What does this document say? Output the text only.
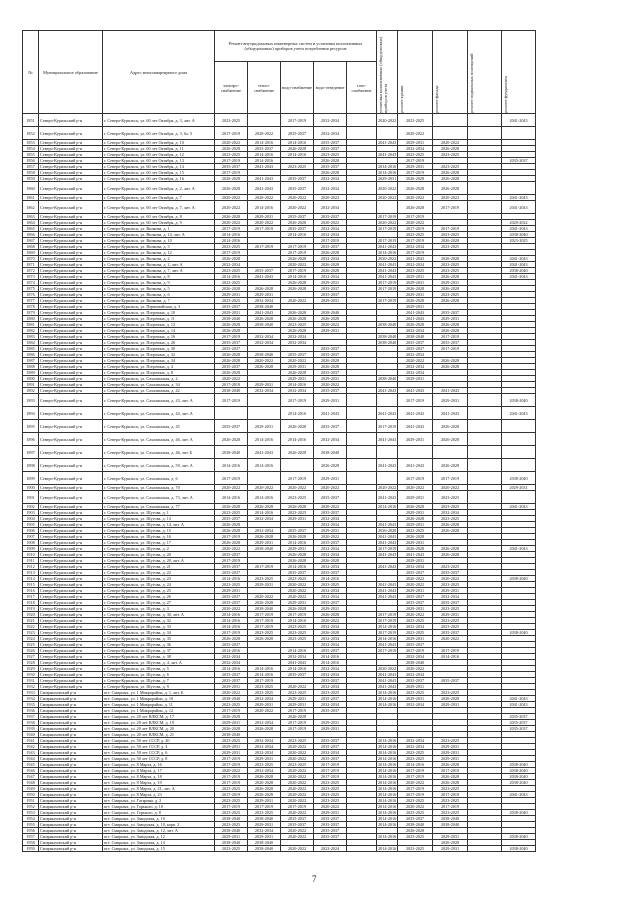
№	Муниципальное образование	Адрес многоквартирного дома	Ремонт внутридомовых инженерных систем и установка коллективных (общедомовых) приборов учета потребления ресурсов					установка коллективных (общедомовых) приборов учета	ремонт крыши	ремонт фасада	ремонт подвальных помещений	ремонт фундамента

			электро-снабжение	тепло-снабжение	водо-снабжение	водо-отведение	газо-снабжение					
1851	Северо-Курильский р-н	г. Северо-Курильск, ул. 60 лет Октября, д. 3, лит. А	2023-2025		2017-2019	2032-2034		2020-2022	2023-2025			2041-2043
1852	Северо-Курильский р-н	г. Северо-Курильск, ул. 60 лет Октября, д. 3, бл. 5	2017-2019	2020-2022	2035-2037	2032-2034			2020-2022			
1853	Северо-Курильский р-н	г. Северо-Курильск, ул. 60 лет Октября, д. 10	2020-2022	2014-2016	2014-2016	2035-2037		2041-2043	2029-2031	2020-2022		
1854	Северо-Курильский р-н	г. Северо-Курильск, ул. 60 лет Октября, д. 11	2026-2028	2035-2037	2026-2028	2035-2037			2032-2034	2026-2028		
1855	Северо-Курильский р-н	г. Северо-Курильск, ул. 60 лет Октября, д. 12	2023-2025	2014-2016	2014-2016	2023-2025		2041-2043	2023-2025	2023-2025		
1856	Северо-Курильский р-н	г. Северо-Курильск, ул. 60 лет Октября, д. 13	2017-2019	2014-2016		2026-2028			2017-2019			2035-2037
1857	Северо-Курильский р-н	г. Северо-Курильск, ул. 60 лет Октября, д. 14	2035-2037	2041-2043	2023-2025	2035-2037		2014-2016	2029-2031	2023-2025		
1858	Северо-Курильский р-н	г. Северо-Курильск, ул. 60 лет Октября, д. 15	2017-2019			2026-2028		2014-2016	2017-2019	2026-2028		
1859	Северо-Курильский р-н	г. Северо-Курильск, ул. 60 лет Октября, д. 16	2026-2028	2041-2043	2035-2037	2032-2034		2029-2031	2026-2028	2026-2028		
1860	Северо-Курильский р-н	г. Северо-Курильск, ул. 60 лет Октября, д. 2, лит. А	2026-2028	2041-2043	2035-2037	2032-2034		2020-2022	2026-2028	2026-2028		
1861	Северо-Курильский р-н	г. Северо-Курильск, ул. 60 лет Октября, д. 7	2020-2022	2020-2022	2020-2022	2020-2022		2020-2022	2020-2022	2020-2022		2041-2043
1862	Северо-Курильский р-н	г. Северо-Курильск, ул. 60 лет Октября, д. 7, лит. А	2020-2022	2014-2016	2020-2022	2032-2034			2026-2028	2017-2019		2041-2043
1863	Северо-Курильский р-н	г. Северо-Курильск, ул. 60 лет Октября, д. 8	2026-2028	2029-2031	2035-2037	2035-2037		2017-2019	2017-2019			
1864	Северо-Курильский р-н	г. Северо-Курильск, ул. 60 лет Октября, д. 9	2020-2022	2020-2022	2026-2028	2020-2022		2020-2022	2020-2022			2020-2022
1865	Северо-Курильский р-н	г. Северо-Курильск, ул. Вилкова, д. 1	2017-2019	2017-2019	2035-2037	2032-2034		2017-2019	2017-2019	2017-2019		2041-2043
1866	Северо-Курильский р-н	г. Северо-Курильск, ул. Вилкова, д. 14, лит. А	2014-2016		2014-2016	2032-2034			2023-2025	2023-2025		2038-2040
1867	Северо-Курильский р-н	г. Северо-Курильск, ул. Вилкова, д. 10	2014-2016			2017-2019		2017-2019	2017-2019	2026-2028		2023-2025
1868	Северо-Курильский р-н	г. Северо-Курильск, ул. Вилкова, д. 3	2023-2025	2017-2019	2017-2019	2035-2037		2041-2043	2032-2034	2023-2025		
1869	Северо-Курильский р-н	г. Северо-Курильск, ул. Вилкова, д. 12	2017-2019		2017-2019	2026-2028		2014-2016	2017-2019			
1870	Северо-Курильский р-н	г. Северо-Курильск, ул. Вилкова, д. 2	2026-2028		2026-2028	2032-2034		2020-2022	2041-2043	2026-2028		2041-2043
1871	Северо-Курильский р-н	г. Северо-Курильск, ул. Вилкова, д. 2, лит. А	2032-2034		2020-2022	2026-2028		2041-2043	2032-2034	2023-2025		2041-2043
1872	Северо-Курильский р-н	г. Северо-Курильск, ул. Вилкова, д. 7, лит. А	2023-2025	2035-2037	2017-2019	2026-2028		2041-2043	2023-2025	2023-2025		2038-2040
1873	Северо-Курильский р-н	г. Северо-Курильск, ул. Вилкова, д. 8	2014-2016	2041-2043	2014-2016	2032-2034		2041-2043	2029-2031	2026-2028		2041-2043
1874	Северо-Курильский р-н	г. Северо-Курильск, ул. Вилкова, д. 9	2023-2025		2026-2028	2029-2031		2017-2019	2029-2031	2029-2031		
1875	Северо-Курильский р-н	г. Северо-Курильск, ул. Вилкова, д. 5	2026-2028	2026-2028	2026-2028	2035-2037		2017-2019	2026-2028	2026-2028		
1876	Северо-Курильский р-н	г. Северо-Курильск, ул. Вилкова, д. 6	2029-2031	2029-2031		2035-2037			2029-2031	2023-2025		
1877	Северо-Курильский р-н	г. Северо-Курильск, ул. Вилкова, д. 7	2023-2025	2032-2034	2020-2022	2029-2031		2017-2019	2026-2028	2026-2028		
1878	Северо-Курильский р-н	г. Северо-Курильск, ул. Первомайская, д. 3	2035-2037	2038-2040					2029-2031			
1879	Северо-Курильский р-н	г. Северо-Курильск, ул. Погрешна, д. 10	2029-2031	2041-2043	2026-2028	2038-2040			2041-2043	2035-2037		
1880	Северо-Курильский р-н	г. Северо-Курильск, ул. Погрешна, д. 11	2038-2040	2026-2028	2026-2028	2026-2028			2041-2043	2029-2031		
1881	Северо-Курильский р-н	г. Северо-Курильск, ул. Погрешна, д. 12	2026-2028	2038-2040	2023-2025	2020-2022		2038-2040	2026-2028	2026-2028		
1882	Северо-Курильский р-н	г. Северо-Курильск, ул. Погрешна, д. 14	2026-2028		2026-2028	2029-2031			2032-2034	2026-2028		
1883	Северо-Курильский р-н	г. Северо-Курильск, ул. Погрешна, д. 16	2017-2019	2032-2034	2032-2034			2038-2040	2038-2040	2017-2019		
1884	Северо-Курильский р-н	г. Северо-Курильск, ул. Погрешна, д. 26	2035-2037	2032-2034	2032-2034			2038-2040	2035-2037	2035-2037		
1885	Северо-Курильский р-н	г. Северо-Курильск, ул. Погрешна, д. 30	2035-2037			2035-2037			2035-2037	2017-2019		
1886	Северо-Курильский р-н	г. Северо-Курильск, ул. Погрешна, д. 32	2026-2028	2038-2040	2035-2037	2035-2037			2032-2034			
1887	Северо-Курильский р-н	г. Северо-Курильск, ул. Погрешна, д. 34	2026-2028	2020-2022	2020-2022	2026-2028			2020-2022	2026-2028		
1888	Северо-Курильский р-н	г. Северо-Курильск, ул. Погрешна, д. 4	2035-2037	2026-2028	2029-2031	2026-2028			2032-2034	2026-2028		
1889	Северо-Курильский р-н	г. Северо-Курильск, ул. Погрешна, д. 8	2026-2028		2026-2028	2035-2037			2032-2034			
1890	Северо-Курильский р-н	г. Северо-Курильск, ул. Сахалинская, д. 2	2020-2022		2029-2031	2029-2031		2038-2040	2029-2031			
1891	Северо-Курильский р-н	г. Северо-Курильск, ул. Сахалинская, д. 34	2017-2019	2029-2031	2014-2016	2020-2022						
1892	Северо-Курильский р-н	г. Северо-Курильск, ул. Сахалинская, д. 42	2038-2040	2032-2034	2032-2034	2035-2037		2041-2043	2041-2043	2041-2043		
1893	Северо-Курильский р-н	г. Северо-Курильск, ул. Сахалинская, д. 43, лит. А	2017-2019		2017-2019	2029-2031			2017-2019	2029-2031		2038-2040
1894	Северо-Курильский р-н	г. Северо-Курильск, ул. Сахалинская, д. 44, лит. А			2014-2016	2041-2043		2041-2043	2041-2043	2041-2043		2041-2043
1895	Северо-Курильский р-н	г. Северо-Курильск, ул. Сахалинская, д. 45	2035-2037	2029-2031	2026-2028	2035-2037		2017-2019	2041-2043	2026-2028		
1896	Северо-Курильский р-н	г. Северо-Курильск, ул. Сахалинская, д. 46, лит. А	2026-2028	2014-2016	2014-2016	2032-2034		2041-2043	2029-2031	2026-2028		
1897	Северо-Курильский р-н	г. Северо-Курильск, ул. Сахалинская, д. 46, лит. Б	2038-2040	2041-2043	2026-2028	2038-2040						
1898	Северо-Курильский р-н	г. Северо-Курильск, ул. Сахалинская, д. 59, лит. А	2014-2016	2014-2016		2026-2028		2041-2043	2041-2043	2026-2028		
1899	Северо-Курильский р-н	г. Северо-Курильск, ул. Сахалинская, д. 6	2017-2019		2017-2019	2029-2031			2017-2019	2017-2019		2038-2040
1900	Северо-Курильский р-н	г. Северо-Курильск, ул. Сахалинская, д. 70	2020-2022	2020-2022	2020-2022	2020-2022		2020-2022	2020-2022	2020-2022		2029-2031
1901	Северо-Курильский р-н	г. Северо-Курильск, ул. Сахалинская, д. 73, лит. А	2014-2016	2014-2016	2023-2025	2035-2037		2041-2043	2029-2031	2023-2025		
1902	Северо-Курильский р-н	г. Северо-Курильск, ул. Сахалинская, д. 77	2026-2028	2026-2028	2026-2028	2020-2022		2014-2016	2026-2028	2023-2025		2041-2043
1903	Северо-Курильский р-н	г. Северо-Курильск, ул. Шутова, д. 1	2023-2025	2014-2016	2023-2025	2035-2037			2029-2031	2032-2034		
1904	Северо-Курильский р-н	г. Северо-Курильск, ул. Шутова, д. 13	2035-2037	2032-2034	2029-2031	2032-2034			2026-2028	2023-2025		
1905	Северо-Курильский р-н	г. Северо-Курильск, ул. Шутова, д. 14, лит. А	2026-2028			2032-2034		2041-2043	2029-2031	2026-2028		
1906	Северо-Курильский р-н	г. Северо-Курильск, ул. Шутова, д. 15	2026-2028	2032-2034	2035-2037	2029-2031		2026-2028	2023-2025	2026-2028		
1907	Северо-Курильский р-н	г. Северо-Курильск, ул. Шутова, д. 16	2017-2019	2026-2028	2026-2028	2020-2022		2041-2043	2026-2028			
1908	Северо-Курильский р-н	г. Северо-Курильск, ул. Шутова, д. 17	2026-2028	2029-2031	2014-2016	2035-2037		2041-2043	2029-2031			
1909	Северо-Курильский р-н	г. Северо-Курильск, ул. Шутова, д. 2	2020-2022	2038-2040	2029-2031	2032-2034		2017-2019	2026-2028	2026-2028		2041-2043
1910	Северо-Курильский р-н	г. Северо-Курильск, ул. Шутова, д. 20	2035-2037		2026-2028	2032-2034		2041-2043	2041-2043	2026-2028		
1911	Северо-Курильский р-н	г. Северо-Курильск, ул. Шутова, д. 20, лит. А	2017-2019		2026-2028	2026-2028			2029-2031			
1912	Северо-Курильский р-н	г. Северо-Курильск, ул. Шутова, д. 21	2035-2037	2017-2019	2014-2016	2032-2034		2041-2043	2032-2034	2023-2025		
1913	Северо-Курильский р-н	г. Северо-Курильск, ул. Шутова, д. 22	2035-2037		2035-2037	2035-2037			2035-2037	2035-2037		
1914	Северо-Курильский р-н	г. Северо-Курильск, ул. Шутова, д. 23	2014-2016	2023-2025	2023-2025	2014-2016			2020-2022	2020-2022		2038-2040
1915	Северо-Курильский р-н	г. Северо-Курильск, ул. Шутова, д. 24	2023-2025	2029-2031	2020-2022	2023-2025		2041-2043	2020-2022	2023-2025		
1916	Северо-Курильский р-н	г. Северо-Курильск, ул. Шутова, д. 25	2029-2031		2020-2022	2032-2034		2041-2043	2029-2031	2029-2031		
1917	Северо-Курильский р-н	г. Северо-Курильск, ул. Шутова, д. 26	2035-2037	2020-2022	2020-2022	2032-2034		2041-2043	2035-2037	2032-2034		
1918	Северо-Курильский р-н	г. Северо-Курильск, ул. Шутова, д. 27	2035-2037	2026-2028	2029-2031	2035-2037			2035-2037	2035-2037		
1919	Северо-Курильский р-н	г. Северо-Курильск, ул. Шутова, д. 3	2020-2022	2038-2040	2026-2028	2029-2031			2029-2031	2023-2025		
1920	Северо-Курильский р-н	г. Северо-Курильск, ул. Шутова, д. 30, лит. А	2014-2016	2017-2019	2017-2019	2026-2028		2017-2019	2020-2022	2029-2031		
1921	Северо-Курильский р-н	г. Северо-Курильск, ул. Шутова, д. 32	2014-2016	2017-2019	2014-2016	2020-2022		2017-2019	2023-2025	2023-2025		
1922	Северо-Курильский р-н	г. Северо-Курильск, ул. Шутова, д. 33	2014-2016	2017-2019	2023-2025	2032-2034		2014-2016	2032-2034	2023-2025		
1923	Северо-Курильский р-н	г. Северо-Курильск, ул. Шутова, д. 34	2017-2019	2023-2025	2023-2025	2026-2028		2017-2019	2023-2025	2035-2037		2038-2040
1924	Северо-Курильский р-н	г. Северо-Курильск, ул. Шутова, д. 35	2026-2028	2026-2028	2023-2025	2032-2034		2014-2016	2029-2031	2020-2022		
1925	Северо-Курильский р-н	г. Северо-Курильск, ул. Шутова, д. 36	2035-2037			2032-2034		2041-2043	2035-2037			
1926	Северо-Курильский р-н	г. Северо-Курильск, ул. Шутова, д. 37	2014-2016		2014-2016	2035-2037		2017-2019	2017-2019	2017-2019		
1927	Северо-Курильский р-н	г. Северо-Курильск, ул. Шутова, д. 38	2032-2034		2032-2034	2014-2016			2032-2034	2014-2016		
1928	Северо-Курильский р-н	г. Северо-Курильск, ул. Шутова, д. 4, лит. А	2032-2034		2041-2043	2014-2016			2038-2040			
1929	Северо-Курильский р-н	г. Северо-Курильск, ул. Шутова, д. 5	2014-2016	2014-2016	2014-2016	2032-2034		2020-2022	2020-2022			
1930	Северо-Курильский р-н	г. Северо-Курильск, ул. Шутова, д. 6	2035-2037	2014-2016	2035-2037	2032-2034		2041-2043	2032-2034			
1931	Северо-Курильский р-н	г. Северо-Курильск, ул. Шутова, д. 7	2035-2037	2017-2019		2035-2037		2041-2043	2035-2037	2035-2037		
1932	Северо-Курильский р-н	г. Северо-Курильск, ул. Шутова, д. 9	2029-2031	2023-2025	2020-2022	2032-2034		2041-2043	2029-2031			
1933	Смирныховский р-н	пгт. Смирных, ул. 1 Микрорайон, д. 1, лит. Б	2020-2022	2023-2025	2023-2025	2023-2025		2014-2016	2023-2025	2023-2025		
1934	Смирныховский р-н	пгт. Смирных, ул. 1 Микрорайон, д. 10	2038-2040	2032-2034	2029-2031	2035-2037		2014-2016	2029-2031	2026-2028		2041-2043
1935	Смирныховский р-н	пгт. Смирных, ул. 1 Микрорайон, д. 11	2023-2025	2029-2031	2029-2031	2032-2034		2014-2016	2032-2034	2029-2031		2041-2043
1936	Смирныховский р-н	пгт. Смирных, ул. 1 Микрорайон, д. 12	2017-2019	2020-2022	2017-2019	2035-2037						
1937	Смирныховский р-н	пгт. Смирных, ул. 20 лет ВЛКСМ, д. 17	2026-2028		2026-2028							2035-2037
1938	Смирныховский р-н	пгт. Смирных, ул. 20 лет ВЛКСМ, д. 19	2029-2031	2032-2034	2017-2019	2029-2031						2035-2037
1939	Смирныховский р-н	пгт. Смирных, ул. 20 лет ВЛКСМ, д. 20	2026-2028	2026-2028	2017-2019	2029-2031						2035-2037
1940	Смирныховский р-н	пгт. Смирных, ул. 20 лет ВЛКСМ, д. 21	2038-2040									
1941	Смирныховский р-н	пгт. Смирных, ул. 50 лет СССР, д. 20	2023-2025	2032-2034	2023-2025	2035-2037		2014-2016	2032-2034	2023-2025		
1942	Смирныховский р-н	пгт. Смирных, ул. 50 лет СССР, д. 4	2029-2031	2032-2034	2020-2022	2035-2037		2014-2016	2032-2034	2029-2031		
1943	Смирныховский р-н	пгт. Смирных, ул. 50 лет СССР, д. 6	2029-2031	2032-2034	2020-2022	2032-2034		2014-2016	2023-2025	2029-2031		
1944	Смирныховский р-н	пгт. Смирных, ул. 50 лет СССР, д. 8	2017-2019	2029-2031	2020-2022	2035-2037		2014-2016	2023-2025	2029-2031		
1945	Смирныховский р-н	пгт. Смирных, ул. 8 Марта, д. 16	2017-2019	2023-2025	2023-2025	2017-2019		2014-2016	2014-2016	2026-2028		2038-2040
1946	Смирныховский р-н	пгт. Смирных, ул. 8 Марта, д. 17	2020-2022	2032-2034	2020-2022	2017-2019		2014-2016	2017-2019	2017-2019		2038-2040
1947	Смирныховский р-н	пгт. Смирных, ул. 8 Марта, д. 18	2017-2019	2026-2028	2020-2022	2017-2019		2014-2016	2017-2019	2026-2028		2038-2040
1948	Смирныховский р-н	пгт. Смирных, ул. 8 Марта, д. 19	2017-2019	2026-2028	2020-2022	2023-2025		2014-2016	2020-2022	2026-2028		2038-2040
1949	Смирныховский р-н	пгт. Смирных, ул. 8 Марта, д. 21, лит. А	2023-2025	2026-2028	2020-2022	2023-2025		2014-2016	2017-2019	2023-2025		
1950	Смирныховский р-н	пгт. Смирных, ул. 8 Марта, д. 23	2017-2019	2026-2028	2020-2022	2023-2025		2014-2016	2017-2019	2017-2019		2041-2043
1951	Смирныховский р-н	пгт. Смирных, ул. Гагарина, д. 2	2023-2025	2029-2031	2020-2022	2023-2025		2014-2016	2023-2025	2023-2025		
1952	Смирныховский р-н	пгт. Смирных, ул. Горького, д. 10	2017-2019	2017-2019	2017-2019	2020-2022		2014-2016	2020-2022	2017-2019		
1953	Смирныховский р-н	пгт. Смирных, ул. Горького, д. 8	2023-2025	2023-2025	2020-2022	2029-2031		2014-2016	2023-2025	2023-2025		2038-2040
1954	Смирныховский р-н	пгт. Смирных, ул. Заводская, д. 10	2038-2040	2038-2040	2035-2037	2035-2037		2014-2016	2035-2037	2038-2040		
1955	Смирныховский р-н	пгт. Смирных, ул. Заводская, д. 10, корп. 2	2023-2025	2029-2031	2035-2037	2035-2037		2014-2016	2038-2040	2038-2040		
1956	Смирныховский р-н	пгт. Смирных, ул. Заводская, д. 12, лит. А	2038-2040	2032-2034	2020-2022	2035-2037			2026-2028			
1957	Смирныховский р-н	пгт. Смирных, ул. Заводская, д. 12	2029-2031	2029-2031	2020-2022	2035-2037		2014-2016	2023-2025	2029-2031		2038-2040
1958	Смирныховский р-н	пгт. Смирных, ул. Заводская, д. 14	2038-2040	2038-2040						2026-2028		
1959	Смирныховский р-н	пгт. Смирных, ул. Заводская, д. 15	2023-2025	2038-2040	2020-2022	2022-2024		2014-2016	2023-2025	2029-2031		2038-2040
7
